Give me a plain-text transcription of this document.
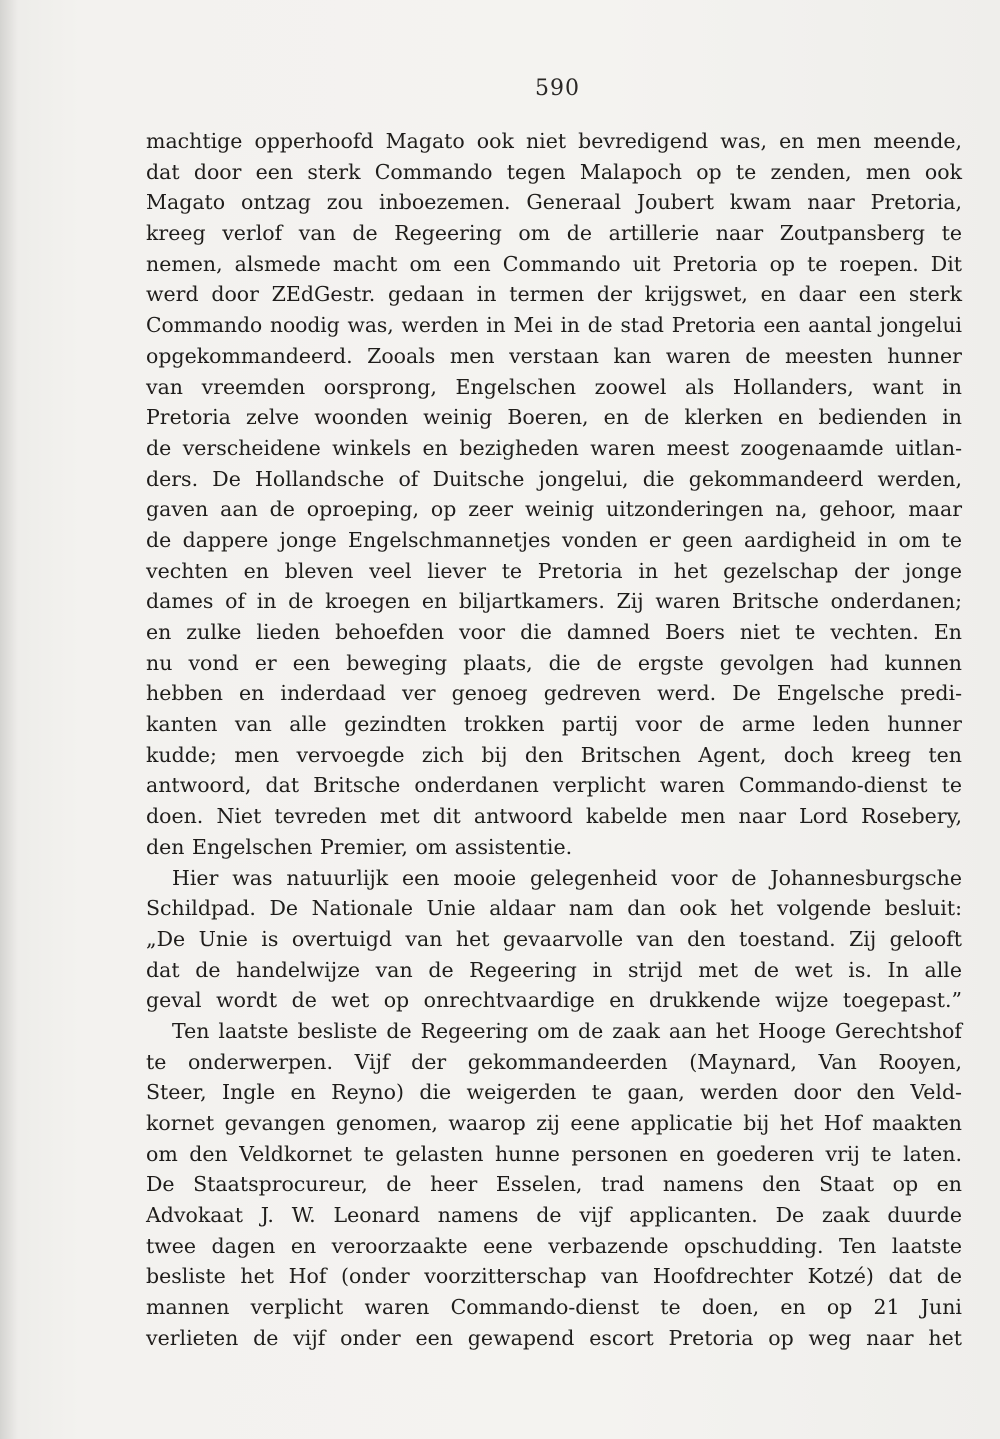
590
machtige opperhoofd Magato ook niet bevredigend was, en men meende,
dat door een sterk Commando tegen Malapoch op te zenden, men ook
Magato ontzag zou inboezemen. Generaal Joubert kwam naar Pretoria,
kreeg verlof van de Regeering om de artillerie naar Zoutpansberg te
nemen, alsmede macht om een Commando uit Pretoria op te roepen. Dit
werd door ZEdGestr. gedaan in termen der krijgswet, en daar een sterk
Commando noodig was, werden in Mei in de stad Pretoria een aantal jongelui
opgekommandeerd. Zooals men verstaan kan waren de meesten hunner
van vreemden oorsprong, Engelschen zoowel als Hollanders, want in
Pretoria zelve woonden weinig Boeren, en de klerken en bedienden in
de verscheidene winkels en bezigheden waren meest zoogenaamde uitlan-
ders. De Hollandsche of Duitsche jongelui, die gekommandeerd werden,
gaven aan de oproeping, op zeer weinig uitzonderingen na, gehoor, maar
de dappere jonge Engelschmannetjes vonden er geen aardigheid in om te
vechten en bleven veel liever te Pretoria in het gezelschap der jonge
dames of in de kroegen en biljartkamers. Zij waren Britsche onderdanen;
en zulke lieden behoefden voor die damned Boers niet te vechten. En
nu vond er een beweging plaats, die de ergste gevolgen had kunnen
hebben en inderdaad ver genoeg gedreven werd. De Engelsche predi-
kanten van alle gezindten trokken partij voor de arme leden hunner
kudde; men vervoegde zich bij den Britschen Agent, doch kreeg ten
antwoord, dat Britsche onderdanen verplicht waren Commando-dienst te
doen. Niet tevreden met dit antwoord kabelde men naar Lord Rosebery,
den Engelschen Premier, om assistentie.
Hier was natuurlijk een mooie gelegenheid voor de Johannesburgsche
Schildpad. De Nationale Unie aldaar nam dan ook het volgende besluit:
„De Unie is overtuigd van het gevaarvolle van den toestand. Zij gelooft
dat de handelwijze van de Regeering in strijd met de wet is. In alle
geval wordt de wet op onrechtvaardige en drukkende wijze toegepast.”
Ten laatste besliste de Regeering om de zaak aan het Hooge Gerechtshof
te onderwerpen. Vijf der gekommandeerden (Maynard, Van Rooyen,
Steer, Ingle en Reyno) die weigerden te gaan, werden door den Veld-
kornet gevangen genomen, waarop zij eene applicatie bij het Hof maakten
om den Veldkornet te gelasten hunne personen en goederen vrij te laten.
De Staatsprocureur, de heer Esselen, trad namens den Staat op en
Advokaat J. W. Leonard namens de vijf applicanten. De zaak duurde
twee dagen en veroorzaakte eene verbazende opschudding. Ten laatste
besliste het Hof (onder voorzitterschap van Hoofdrechter Kotzé) dat de
mannen verplicht waren Commando-dienst te doen, en op 21 Juni
verlieten de vijf onder een gewapend escort Pretoria op weg naar het
